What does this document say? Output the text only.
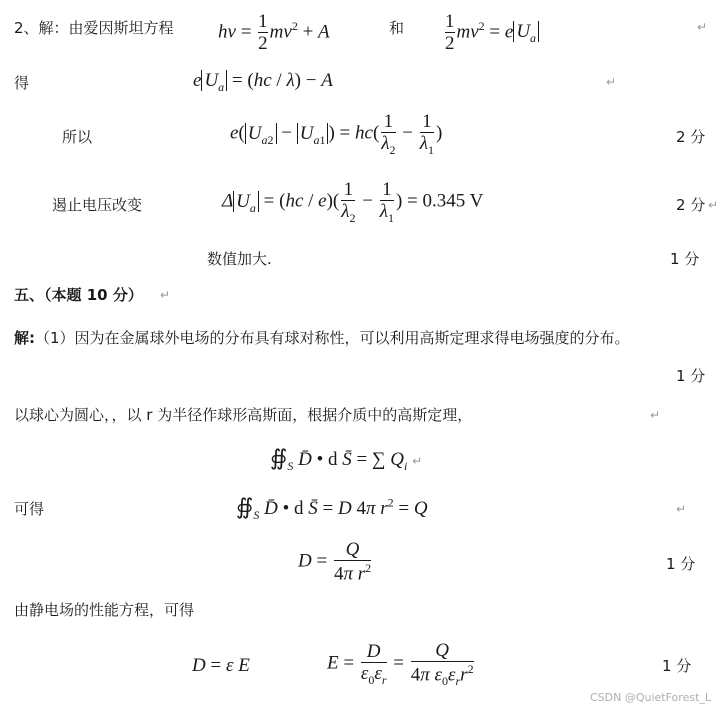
2、解：由爱因斯坦方程 $h\nu = \frac{1}{2} mv^2 + A$	和 $\frac{1}{2} mv^2 = e$ $U_a$
↵
得	e $U_a = (hc / \lambda) - A$	↵
所以	e( $U_{a2} - U_{a1}$ ) = $hc( \frac{1}{\lambda_2} - \frac{1}{\lambda_1}$ )	2 分
遏止电压改变	Δ $U_a = (hc / e)( \frac{1}{\lambda_2} - \frac{1}{\lambda_1}$ ) = 0.345 V	2 分 ↵
数值加大.	1 分
五、（本题 10 分） ↵
解:（1）因为在金属球外电场的分布具有球对称性，可以利用高斯定理求得电场强度的分布。
1 分
以球心为圆心，，以 r 为半径作球形高斯面，根据介质中的高斯定理，	↵
$∯_S$ D̄ • d S̄ = ∑ $Q_i$ ↵
可得	$∯_S$ D̄ • d S̄ = D 4π $r^2 = Q$	↵
$D = \frac{Q}{4\pi r^2}$	1 分
由静电场的性能方程，可得
D = ε E	$E = \frac{D}{\varepsilon_0\varepsilon_r} = \frac{Q}{4\pi \varepsilon_0\varepsilon_rr^2}$	1 分
CSDN @QuietForest_L
